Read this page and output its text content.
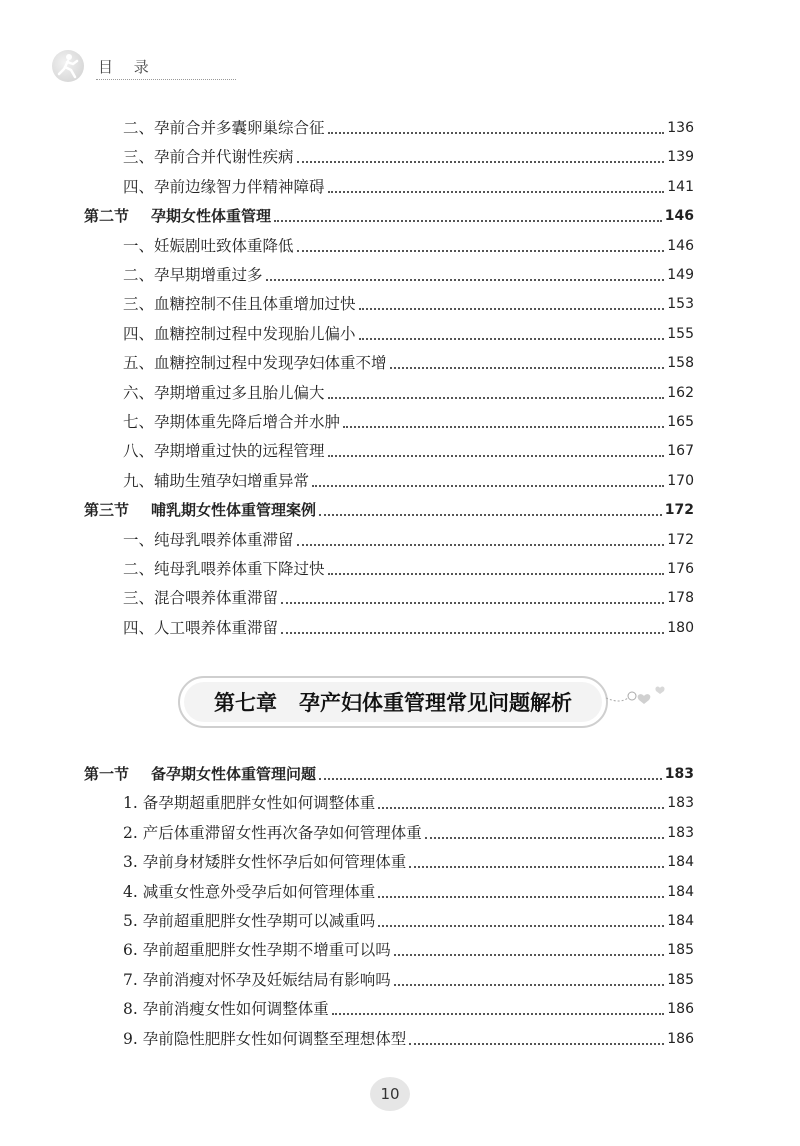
目 录
二、孕前合并多囊卵巢综合征	136
三、孕前合并代谢性疾病	139
四、孕前边缘智力伴精神障碍	141
第二节 孕期女性体重管理	146
一、妊娠剧吐致体重降低	146
二、孕早期增重过多	149
三、血糖控制不佳且体重增加过快	153
四、血糖控制过程中发现胎儿偏小	155
五、血糖控制过程中发现孕妇体重不增	158
六、孕期增重过多且胎儿偏大	162
七、孕期体重先降后增合并水肿	165
八、孕期增重过快的远程管理	167
九、辅助生殖孕妇增重异常	170
第三节 哺乳期女性体重管理案例	172
一、纯母乳喂养体重滞留	172
二、纯母乳喂养体重下降过快	176
三、混合喂养体重滞留	178
四、人工喂养体重滞留	180
第一节 备孕期女性体重管理问题	183
1. 备孕期超重肥胖女性如何调整体重	183
2. 产后体重滞留女性再次备孕如何管理体重	183
3. 孕前身材矮胖女性怀孕后如何管理体重	184
4. 减重女性意外受孕后如何管理体重	184
5. 孕前超重肥胖女性孕期可以减重吗	184
6. 孕前超重肥胖女性孕期不增重可以吗	185
7. 孕前消瘦对怀孕及妊娠结局有影响吗	185
8. 孕前消瘦女性如何调整体重	186
9. 孕前隐性肥胖女性如何调整至理想体型	186
第七章 孕产妇体重管理常见问题解析
10
